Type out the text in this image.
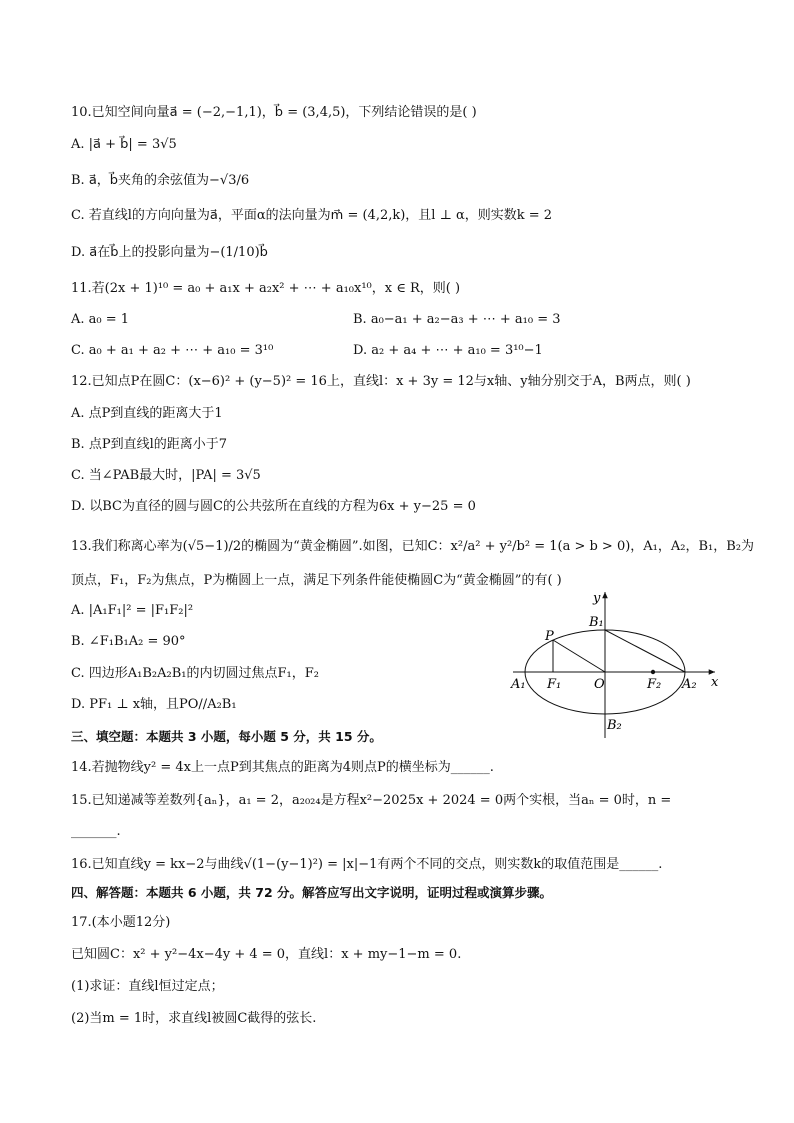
10.已知空间向量a⃗ = (−2,−1,1)，b⃗ = (3,4,5)，下列结论错误的是( )
A. |a⃗ + b⃗| = 3√5
B. a⃗，b⃗夹角的余弦值为−√3/6
C. 若直线l的方向向量为a⃗，平面α的法向量为m⃗ = (4,2,k)，且l ⊥ α，则实数k = 2
D. a⃗在b⃗上的投影向量为−(1/10)b⃗
11.若(2x + 1)¹⁰ = a₀ + a₁x + a₂x² + ⋯ + a₁₀x¹⁰，x ∈ R，则( )
A. a₀ = 1	B. a₀−a₁ + a₂−a₃ + ⋯ + a₁₀ = 3
C. a₀ + a₁ + a₂ + ⋯ + a₁₀ = 3¹⁰	D. a₂ + a₄ + ⋯ + a₁₀ = 3¹⁰−1
12.已知点P在圆C：(x−6)² + (y−5)² = 16上，直线l：x + 3y = 12与x轴、y轴分别交于A，B两点，则( )
A. 点P到直线的距离大于1
B. 点P到直线l的距离小于7
C. 当∠PAB最大时，|PA| = 3√5
D. 以BC为直径的圆与圆C的公共弦所在直线的方程为6x + y−25 = 0
13.我们称离心率为(√5−1)/2的椭圆为“黄金椭圆”.如图，已知C：x²/a² + y²/b² = 1(a > b > 0)，A₁，A₂，B₁，B₂为
顶点，F₁，F₂为焦点，P为椭圆上一点，满足下列条件能使椭圆C为“黄金椭圆”的有( )
A. |A₁F₁|² = |F₁F₂|²
B. ∠F₁B₁A₂ = 90°
C. 四边形A₁B₂A₂B₁的内切圆过焦点F₁，F₂
D. PF₁ ⊥ x轴，且PO//A₂B₁
y
x
B₁
B₂
P
A₁	A₂
F₁	F₂
O
三、填空题：本题共 3 小题，每小题 5 分，共 15 分。
14.若抛物线y² = 4x上一点P到其焦点的距离为4则点P的横坐标为______.
15.已知递减等差数列{aₙ}，a₁ = 2，a₂₀₂₄是方程x²−2025x + 2024 = 0两个实根，当aₙ = 0时，n =
_______.
16.已知直线y = kx−2与曲线√(1−(y−1)²) = |x|−1有两个不同的交点，则实数k的取值范围是______.
四、解答题：本题共 6 小题，共 72 分。解答应写出文字说明，证明过程或演算步骤。
17.(本小题12分)
已知圆C：x² + y²−4x−4y + 4 = 0，直线l：x + my−1−m = 0.
(1)求证：直线l恒过定点；
(2)当m = 1时，求直线l被圆C截得的弦长.
